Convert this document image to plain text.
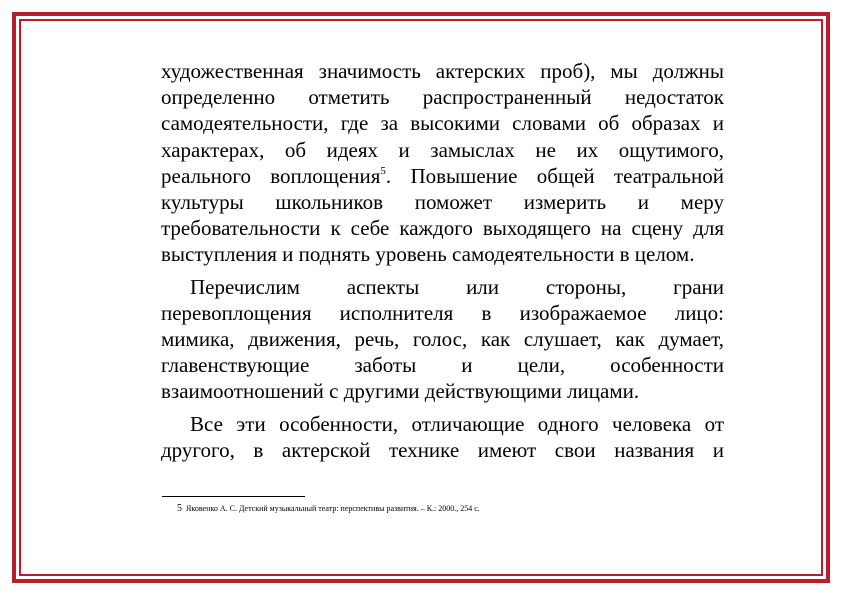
художественная значимость актерских проб), мы должны
определенно отметить распространенный недостаток
самодеятельности, где за высокими словами об образах и
характерах, об идеях и замыслах не их ощутимого,
реального воплощения$^5$. Повышение общей театральной
культуры школьников поможет измерить и меру
требовательности к себе каждого выходящего на сцену для
выступления и поднять уровень самодеятельности в целом.
Перечислим аспекты или стороны, грани
перевоплощения исполнителя в изображаемое лицо:
мимика, движения, речь, голос, как слушает, как думает,
главенствующие заботы и цели, особенности
взаимоотношений с другими действующими лицами.
Все эти особенности, отличающие одного человека от
другого, в актерской технике имеют свои названия и
5 Яковенко А. С. Детский музыкальный театр: перспективы развития. – К.: 2000., 254 с.
